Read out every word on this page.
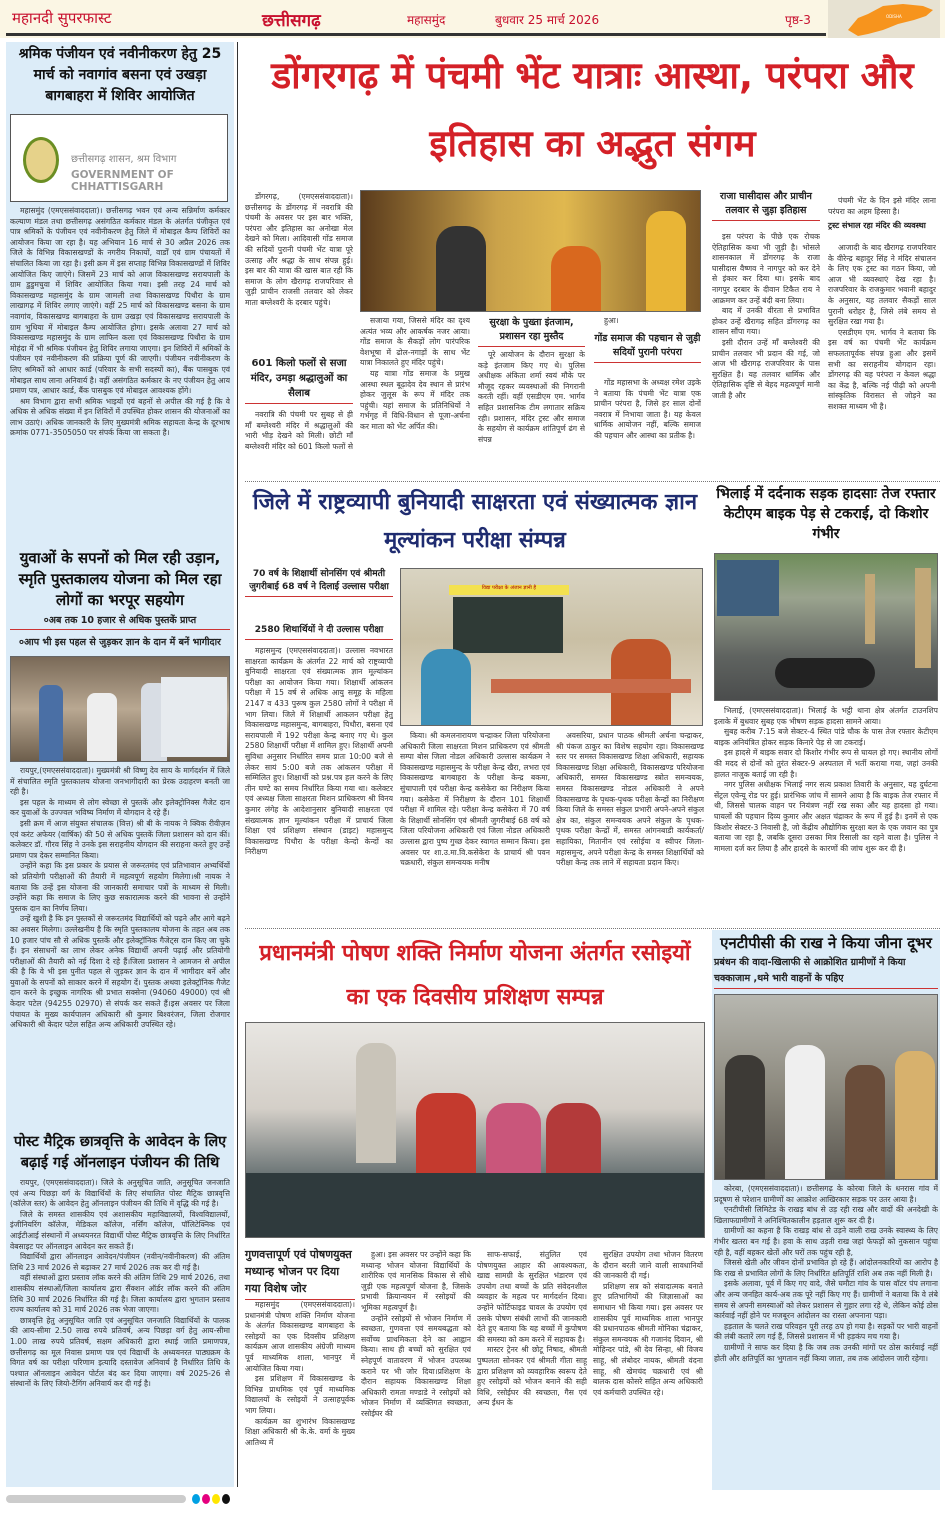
महानदी सुपरफास्ट	छत्तीसगढ़	महासमुंद	बुधवार 25 मार्च 2026	पृष्ठ-3	ODISHA
श्रमिक पंजीयन एवं नवीनीकरण हेतु 25 मार्च को नवागांव बसना एवं उखड़ा बागबाहरा में शिविर आयोजित
छत्तीसगढ़ शासन, श्रम विभाग
GOVERNMENT OF CHHATTISGARH

महासमुंद (एमएससंवाददाता)। छत्तीसगढ़ भवन एवं अन्य सन्निर्माण कर्मकार कल्याण मंडल तथा छत्तीसगढ़ असंगठित कर्मकार मंडल के अंतर्गत पंजीकृत एवं पात्र श्रमिकों के पंजीयन एवं नवीनीकरण हेतु जिले में मोबाइल कैम्प शिविरों का आयोजन किया जा रहा है। यह अभियान 16 मार्च से 30 अप्रैल 2026 तक जिले के विभिन्न विकासखण्डों के नगरीय निकायों, वार्डों एवं ग्राम पंचायतों में संचालित किया जा रहा है। इसी क्रम में इस सप्ताह विभिन्न विकासखण्डों में शिविर आयोजित किए जाएंगे। जिसमें 23 मार्च को आज विकासखण्ड सरायपाली के ग्राम डुडुमचुवा में शिविर आयोजित किया गया। इसी तरह 24 मार्च को विकासखण्ड महासमुंद के ग्राम जामली तथा विकासखण्ड पिथौरा के ग्राम लाखागढ़ में शिविर लगाए जाएंगे। वहीं 25 मार्च को विकासखण्ड बसना के ग्राम नवागांव, विकासखण्ड बागबाहरा के ग्राम उखड़ा एवं विकासखण्ड सरायपाली के ग्राम भुथिया में मोबाइल कैम्प आयोजित होगा। इसके अलावा 27 मार्च को विकासखण्ड महासमुंद के ग्राम लाफिन कला एवं विकासखण्ड पिथौरा के ग्राम मोहंदा में भी श्रमिक पंजीयन हेतु शिविर लगाया जाएगा। इन शिविरों में श्रमिकों के पंजीयन एवं नवीनीकरण की प्रक्रिया पूर्ण की जाएगी। पंजीयन नवीनीकरण के लिए श्रमिकों को आधार कार्ड (परिवार के सभी सदस्यों का), बैंक पासबुक एवं मोबाइल साथ लाना अनिवार्य है। वहीं असंगठित कर्मकार के नए पंजीयन हेतु आय प्रमाण पत्र, आधार कार्ड, बैंक पासबुक एवं मोबाइल आवश्यक होंगे।

श्रम विभाग द्वारा सभी श्रमिक भाइयों एवं बहनों से अपील की गई है कि वे अधिक से अधिक संख्या में इन शिविरों में उपस्थित होकर शासन की योजनाओं का लाभ उठाएं। अधिक जानकारी के लिए मुख्यमंत्री श्रमिक सहायता केन्द्र के दूरभाष क्रमांक 0771-3505050 पर संपर्क किया जा सकता है।

युवाओं के सपनों को मिल रही उड़ान, स्मृति पुस्तकालय योजना को मिल रहा लोगों का भरपूर सहयोग
०अब तक 10 हजार से अधिक पुस्तकें प्राप्त
०आप भी इस पहल से जुड़कर ज्ञान के दान में बनें भागीदार

रायपुर,(एमएससंवाददाता)। मुख्यमंत्री श्री विष्णु देव साय के मार्गदर्शन में जिले में संचालित स्मृति पुस्तकालय योजना जनभागीदारी का प्रेरक उदाहरण बनती जा रही है।

इस पहल के माध्यम से लोग स्वेच्छा से पुस्तकें और इलेक्ट्रोनिक्स गैजेट दान कर युवाओं के उज्ज्वल भविष्य निर्माण में योगदान दे रहे हैं।

इसी क्रम में आज संयुक्त संचालक (वित्त) श्री बी के नायक ने क्विक रीवीज़न एवं करंट अफेयर (वार्षिक) की 50 से अधिक पुस्तकें जिला प्रशासन को दान कीं।कलेक्टर डॉ. गौरव सिंह ने उनके इस सराहनीय योगदान की सराहना करते हुए उन्हें प्रमाण पत्र देकर सम्मानित किया।

उन्होंने कहा कि इस प्रकार के प्रयास से जरूरतमंद एवं प्रतिभावान अभ्यर्थियों को प्रतियोगी परीक्षाओं की तैयारी में महत्वपूर्ण सहयोग मिलेगा।श्री नायक ने बताया कि उन्हें इस योजना की जानकारी समाचार पत्रों के माध्यम से मिली। उन्होंने कहा कि समाज के लिए कुछ सकारात्मक करने की भावना से उन्होंने पुस्तक दान का निर्णय लिया।

उन्हें खुशी है कि इन पुस्तकों से जरूरतमंद विद्यार्थियों को पढ़ने और आगे बढ़ने का अवसर मिलेगा। उल्लेखनीय है कि स्मृति पुस्तकालय योजना के तहत अब तक 10 हजार पांच सौ से अधिक पुस्तकें और इलेक्ट्रॉनिक गैजेट्स दान किए जा चुके हैं। इन संसाधनों का लाभ लेकर अनेक विद्यार्थी अपनी पढ़ाई और प्रतियोगी परीक्षाओं की तैयारी को नई दिशा दे रहे हैं।जिला प्रशासन ने आमजन से अपील की है कि वे भी इस पुनीत पहल से जुड़कर ज्ञान के दान में भागीदार बनें और युवाओं के सपनों को साकार करने में सहयोग दें। पुस्तक अथवा इलेक्ट्रॉनिक गैजेट दान करने के इच्छुक नागरिक श्री प्रभात सक्सेना (94060 49000) एवं श्री केदार पटेल (94255 02970) से संपर्क कर सकते हैं।इस अवसर पर जिला पंचायत के मुख्य कार्यपालन अधिकारी श्री कुमार बिश्वरंजन, जिला रोजगार अधिकारी श्री केदार पटेल सहित अन्य अधिकारी उपस्थित रहे।

पोस्ट मैट्रिक छात्रवृत्ति के आवेदन के लिए बढ़ाई गई ऑनलाइन पंजीयन की तिथि

रायपुर, (एमएससंवाददाता)। जिले के अनुसूचित जाति, अनुसूचित जनजाति एवं अन्य पिछड़ा वर्ग के विद्यार्थियों के लिए संचालित पोस्ट मैट्रिक छात्रवृत्ति (कॉलेज स्तर) के आवेदन हेतु ऑनलाइन पंजीयन की तिथि में वृद्धि की गई है।

जिले के समस्त शासकीय एवं अशासकीय महाविद्यालयों, विश्वविद्यालयों, इंजीनियरिंग कॉलेज, मेडिकल कॉलेज, नर्सिंग कॉलेज, पॉलिटेक्निक एवं आईटीआई संस्थानों में अध्ययनरत विद्यार्थी पोस्ट मैट्रिक छात्रवृत्ति के लिए निर्धारित वेबसाइट पर ऑनलाइन आवेदन कर सकते हैं।

विद्यार्थियों द्वारा ऑनलाइन आवेदन/पंजीयन (नवीन/नवीनीकरण) की अंतिम तिथि 23 मार्च 2026 से बढ़ाकर 27 मार्च 2026 तक कर दी गई है।

वहीं संस्थाओं द्वारा प्रस्ताव लॉक करने की अंतिम तिथि 29 मार्च 2026, तथा शासकीय संस्थाओं/जिला कार्यालय द्वारा सैंक्शन ऑर्डर लॉक करने की अंतिम तिथि 30 मार्च 2026 निर्धारित की गई है। जिला कार्यालय द्वारा भुगतान प्रस्ताव राज्य कार्यालय को 31 मार्च 2026 तक भेजा जाएगा।

छात्रवृत्ति हेतु अनुसूचित जाति एवं अनुसूचित जनजाति विद्यार्थियों के पालक की आय-सीमा 2.50 लाख रुपये प्रतिवर्ष, अन्य पिछड़ा वर्ग हेतु आय-सीमा 1.00 लाख रुपये प्रतिवर्ष, सक्षम अधिकारी द्वारा स्थाई जाति प्रमाणपत्र, छत्तीसगढ़ का मूल निवास प्रमाण पत्र एवं विद्यार्थी के अध्ययनरत पाठ्यक्रम के विगत वर्ष का परीक्षा परिणाम इत्यादि दस्तावेज अनिवार्य है निर्धारित तिथि के पश्चात ऑनलाइन आवेदन पोर्टल बंद कर दिया जाएगा। वर्ष 2025-26 से संस्थानों के लिए जियो-टैगिंग अनिवार्य कर दी गई है।

डोंगरगढ़ में पंचमी भेंट यात्राः आस्था, परंपरा और इतिहास का अद्भुत संगम

डोंगरगढ़, (एमएससंवाददाता)। छत्तीसगढ़ के डोंगरगढ़ में नवरात्रि की पंचमी के अवसर पर इस बार भक्ति, परंपरा और इतिहास का अनोखा मेल देखने को मिला। आदिवासी गोंड समाज की सदियों पुरानी पंचमी भेंट यात्रा पूरे उत्साह और श्रद्धा के साथ संपन्न हुई। इस बार की यात्रा की खास बात रही कि समाज के लोग खैरागढ़ राजपरिवार से जुड़ी प्राचीन राजसी तलवार को लेकर माता बम्लेश्वरी के दरबार पहुंचे।

601 किलो फलों से सजा मंदिर, उमड़ा श्रद्धालुओं का सैलाब

नवरात्रि की पंचमी पर सुबह से ही माँ बम्लेश्वरी मंदिर में श्रद्धालुओं की भारी भीड़ देखने को मिली। छोटी माँ बम्लेश्वरी मंदिर को 601 किलो फलों से

सजाया गया, जिससे मंदिर का दृश्य अत्यंत भव्य और आकर्षक नजर आया। गोंड समाज के सैकड़ों लोग पारंपरिक वेशभूषा में ढोल-नगाड़ों के साथ भेंट यात्रा निकालते हुए मंदिर पहुंचे।

यह यात्रा गोंड समाज के प्रमुख आस्था स्थल बूढ़ादेव देव स्थान से प्रारंभ होकर जुलूस के रूप में मंदिर तक पहुंची। यहां समाज के प्रतिनिधियों ने गर्भगृह में विधि-विधान से पूजा-अर्चना कर माता को भेंट अर्पित की।

सुरक्षा के पुख्ता इंतजाम, प्रशासन रहा मुस्तैद

पूरे आयोजन के दौरान सुरक्षा के कड़े इंतजाम किए गए थे। पुलिस अधीक्षक अंकिता शर्मा स्वयं मौके पर मौजूद रहकर व्यवस्थाओं की निगरानी करती रहीं। वहीं एसडीएम एम. भार्गव सहित प्रशासनिक टीम लगातार सक्रिय रही। प्रशासन, मंदिर ट्रस्ट और समाज के सहयोग से कार्यक्रम शांतिपूर्ण ढंग से संपन्न

हुआ।

गोंड समाज की पहचान से जुड़ी सदियों पुरानी परंपरा

गोंड महासभा के अध्यक्ष रमेश उइके ने बताया कि पंचमी भेंट यात्रा एक प्राचीन परंपरा है, जिसे हर साल दोनों नवरात्र में निभाया जाता है। यह केवल धार्मिक आयोजन नहीं, बल्कि समाज की पहचान और आस्था का प्रतीक है।

राजा घासीदास और प्राचीन तलवार से जुड़ा इतिहास

इस परंपरा के पीछे एक रोचक ऐतिहासिक कथा भी जुड़ी है। भोसले शासनकाल में डोंगरगढ़ के राजा घासीदास वैष्णव ने नागपुर को कर देने से इंकार कर दिया था। इसके बाद नागपुर दरबार के दीवान टिकैत राय ने आक्रमण कर उन्हें बंदी बना लिया।

बाद में उनकी वीरता से प्रभावित होकर उन्हें खैरागढ़ सहित डोंगरगढ़ का शासन सौंपा गया।

इसी दौरान उन्हें माँ बम्लेश्वरी की प्राचीन तलवार भी प्रदान की गई, जो आज भी खैरागढ़ राजपरिवार के पास सुरक्षित है। यह तलवार धार्मिक और ऐतिहासिक दृष्टि से बेहद महत्वपूर्ण मानी जाती है और

पंचमी भेंट के दिन इसे मंदिर लाना परंपरा का अहम हिस्सा है।

ट्रस्ट संभाल रहा मंदिर की व्यवस्था

आजादी के बाद खैरागढ़ राजपरिवार के वीरेन्द्र बहादुर सिंह ने मंदिर संचालन के लिए एक ट्रस्ट का गठन किया, जो आज भी व्यवस्थाएं देख रहा है। राजपरिवार के राजकुमार भवानी बहादुर के अनुसार, यह तलवार सैकड़ों साल पुरानी धरोहर है, जिसे लंबे समय से सुरक्षित रखा गया है।

एसडीएम एम. भार्गव ने बताया कि इस वर्ष का पंचमी भेंट कार्यक्रम सफलतापूर्वक संपन्न हुआ और इसमें सभी का सराहनीय योगदान रहा। डोंगरगढ़ की यह परंपरा न केवल श्रद्धा का केंद्र है, बल्कि नई पीढ़ी को अपनी सांस्कृतिक विरासत से जोड़ने का सशक्त माध्यम भी है।

जिले में राष्ट्रव्यापी बुनियादी साक्षरता एवं संख्यात्मक ज्ञान मूल्यांकन परीक्षा संम्पन्न
70 वर्ष के शिक्षार्थी सोनसिंग एवं श्रीमती जुगरीबाई 68 वर्ष ने दिलाई उल्लास परीक्षा
2580 शिथार्थियों ने दी उल्लास परीक्षा
विद्या परीक्षा के अंजान ज्ञानी है

महासमुन्द (एमएससंवाददाता)। उल्लास नवभारत साक्षरता कार्यक्रम के अंतर्गत 22 मार्च को राष्ट्रव्यापी बुनियादी साक्षरता एवं संख्यात्मक ज्ञान मूल्यांकन परीक्षा का आयोजन किया गया। शिक्षार्थी आंकलन परीक्षा में 15 वर्ष से अधिक आयु समूह के महिला 2147 व 433 पुरूष कुल 2580 लोगों ने परीक्षा में भाग लिया। जिले में शिक्षार्थी आकलन परीक्षा हेतु विकासखण्ड महासमुन्द, बागबाहरा, पिथौरा, बसना एवं सरायपाली में 192 परीक्षा केन्द्र बनाए गए थे। कुल 2580 शिक्षार्थी परीक्षा में शामिल हुए। शिक्षार्थी अपनी सुविधा अनुसार निर्धारित समय प्रातः 10:00 बजे से लेकर सायं 5:00 बजे तक आंकलन परीक्षा में सम्मिलित हुए। शिक्षार्थी को प्रश्न.पत्र हल करने के लिए तीन घण्टे का समय निर्धारित किया गया था। कलेक्टर एवं अध्यक्ष जिला साक्षरता मिशन प्राधिकरण श्री विनय कुमार लंगेह के आदेशानुसार बुनियादी साक्षरता एवं संख्यात्मक ज्ञान मूल्यांकन परीक्षा में प्राचार्य जिला शिक्षा एवं प्रशिक्षण संस्थान (डाइट) महासमुन्द विकासखण्ड पिथौरा के परीक्षा केन्दो केन्दों का निरीक्षण

किया। श्री कमलनारायण चन्द्राकर जिला परियोजना अधिकारी जिला साक्षरता मिशन प्राधिकरण एवं श्रीमती सम्पा बोस जिला नोडल अधिकारी उल्लास कार्यक्रम ने विकासखण्ड महासमुन्द के परीक्षा केन्द्र खैरा, लभरा एवं विकासखण्ड बागबाहरा के परीक्षा केन्द्र बकमा, सुंचापाली एवं परीक्षा केन्द्र कसेकेरा का निरीक्षण किया गया। कसेकेरा में निरीक्षण के दौरान 101 शिक्षार्थी परीक्षा में शामिल रहे। परीक्षा केन्द्र कसेकेरा में 70 वर्ष के शिक्षार्थी सोनसिंग एवं श्रीमती जुगरीबाई 68 वर्ष को जिला परियोजना अधिकारी एवं जिला नोडल अधिकारी उल्लास द्वारा पुष्प गुच्छ देकर स्वागत सम्मान किया। इस अवसर पर शा.उ.मा.वि.कसेकेरा के प्राचार्य श्री पवन चक्रधारी, संकुल समन्वयक मनीष

अवसरिया, प्रधान पाठक श्रीमती अर्चना चन्द्राकर, श्री पंकज ठाकुर का विशेष सहयोग रहा। विकासखण्ड स्तर पर समस्त विकासखण्ड शिक्षा अधिकारी, सहायक विकासखण्ड शिक्षा अधिकारी, विकासखण्ड परियोजना अधिकारी, समस्त विकासखण्ड स्त्रोत समन्वयक, समस्त विकासखण्ड नोडल अधिकारी ने अपने विकासखण्ड के पृथक-पृथक परीक्षा केन्द्रों का निरीक्षण किया जिले के समस्त संकुल प्रभारी अपने-अपने संकुल क्षेत्र का, संकुल समन्वयक अपने संकुल के पृथक-पृथक परीक्षा केन्द्रों में, समस्त आंगनबाडी कार्यकर्ता/सहायिका, मितानीन एवं रसोईया व स्वीपर जिला-महासमुन्द, अपने परीक्षा केन्द्र के समस्त शिक्षार्थियों को परीक्षा केन्द्र तक लाने में सहायता प्रदान किए।

भिलाई में दर्दनाक सड़क हादसाः तेज रफ्तार केटीएम बाइक पेड़ से टकराई, दो किशोर गंभीर

भिलाई, (एमएससंवाददाता)। भिलाई के भट्ठी थाना क्षेत्र अंतर्गत टाउनशिप इलाके में बुधवार सुबह एक भीषण सड़क हादसा सामने आया।

सुबह करीब 7:15 बजे सेक्टर-4 स्थित पांडे चौक के पास तेज रफ्तार केटीएम बाइक अनियंत्रित होकर सड़क किनारे पेड़ से जा टकराई।

इस हादसे में बाइक सवार दो किशोर गंभीर रूप से घायल हो गए। स्थानीय लोगों की मदद से दोनों को तुरंत सेक्टर-9 अस्पताल में भर्ती कराया गया, जहां उनकी हालत नाजुक बताई जा रही है।

नगर पुलिस अधीक्षक भिलाई नगर सत्य प्रकाश तिवारी के अनुसार, यह दुर्घटना सेंट्रल एवेन्यू रोड पर हुई। प्रारंभिक जांच में सामने आया है कि बाइक तेज रफ्तार में थी, जिससे चालक वाहन पर नियंत्रण नहीं रख सका और यह हादसा हो गया। घायलों की पहचान दिव्य कुमार और अक्षत चंद्राकर के रूप में हुई है। इनमें से एक किशोर सेक्टर-3 निवासी है, जो केंद्रीय औद्योगिक सुरक्षा बल के एक जवान का पुत्र बताया जा रहा है, जबकि दूसरा उसका मित्र रिसाली का रहने वाला है। पुलिस ने मामला दर्ज कर लिया है और हादसे के कारणों की जांच शुरू कर दी है।

प्रधानमंत्री पोषण शक्ति निर्माण योजना अंतर्गत रसोइयों का एक दिवसीय प्रशिक्षण सम्पन्न
गुणवत्तापूर्ण एवं पोषणयुक्त मध्यान्ह भोजन पर दिया गया विशेष जोर

महासमुंद (एमएससंवाददाता)। प्रधानमंत्री पोषण शक्ति निर्माण योजना के अंतर्गत विकासखण्ड बागबाहरा के रसोइयों का एक दिवसीय प्रशिक्षण कार्यक्रम आज शासकीय अंग्रेजी माध्यम पूर्व माध्यमिक शाला, भानपुर में आयोजित किया गया।

इस प्रशिक्षण में विकासखण्ड के विभिन्न प्राथमिक एवं पूर्व माध्यमिक विद्यालयों के रसोइयों ने उत्साहपूर्वक भाग लिया।

कार्यक्रम का शुभारंभ विकासखण्ड शिक्षा अधिकारी श्री के.के. वर्मा के मुख्य आतिथ्य में

हुआ। इस अवसर पर उन्होंने कहा कि मध्यान्ह भोजन योजना विद्यार्थियों के शारीरिक एवं मानसिक विकास से सीधे जुड़ी एक महत्वपूर्ण योजना है, जिसके प्रभावी क्रियान्वयन में रसोइयों की भूमिका महत्वपूर्ण है।

उन्होंने रसोइयों से भोजन निर्माण में स्वच्छता, गुणवत्ता एवं समयबद्धता को सर्वोच्च प्राथमिकता देने का आह्वान किया। साथ ही बच्चों को सुरक्षित एवं स्नेहपूर्ण वातावरण में भोजन उपलब्ध कराने पर भी जोर दिया।प्रशिक्षण के दौरान सहायक विकासखण्ड शिक्षा अधिकारी रामता मण्डाडे ने रसोइयों को भोजन निर्माण में व्यक्तिगत स्वच्छता, रसोईघर की

साफ-सफाई, संतुलित एवं पोषणयुक्त आहार की आवश्यकता, खाद्य सामग्री के सुरक्षित भंडारण एवं उपयोग तथा बच्चों के प्रति संवेदनशील व्यवहार के महत्व पर मार्गदर्शन दिया। उन्होंने फोर्टिफाइड चावल के उपयोग एवं उसके पोषण संबंधी लाभों की जानकारी देते हुए बताया कि यह बच्चों में कुपोषण की समस्या को कम करने में सहायक है।

मास्टर ट्रेनर श्री छोटू निषाद, श्रीमती पुष्पलता सोनकर एवं श्रीमती गीता साहू द्वारा प्रशिक्षण को व्यवहारिक स्वरूप देते हुए रसोइयों को भोजन बनाने की सही विधि, रसोईघर की स्वच्छता, गैस एवं अन्य ईंधन के

सुरक्षित उपयोग तथा भोजन वितरण के दौरान बरती जाने वाली सावधानियों की जानकारी दी गई।

प्रशिक्षण सत्र को संवादात्मक बनाते हुए प्रतिभागियों की जिज्ञासाओं का समाधान भी किया गया। इस अवसर पर शासकीय पूर्व माध्यमिक शाला भानपुर की प्रधानपाठक श्रीमती मोनिका चंद्राकर, संकुल समन्वयक श्री गजानंद दिवान, श्री मोहिन्दर पांडे, श्री देव सिन्हा, श्री विजय साहू, श्री लंबोदर नायक, श्रीमती वंदना साहू, श्री खेमचंद चक्रधारी एवं श्री बालक दास कोसरे सहित अन्य अधिकारी एवं कर्मचारी उपस्थित रहे।

एनटीपीसी की राख ने किया जीना दूभर
प्रबंधन की वादा-खिलाफी से आक्रोशित ग्रामीणों ने किया चक्काजाम ,थमे भारी वाहनों के पहिए

कोरबा, (एमएससंवाददाता)। छत्तीसगढ़ के कोरबा जिले के धनरास गांव में प्रदूषण से परेशान ग्रामीणों का आक्रोश आखिरकार सड़क पर उतर आया है।

एनटीपीसी लिमिटेड के राखड़ बांध से उड़ रही राख और वादों की अनदेखी के खिलाफग्रामीणों ने अनिश्चितकालीन हड़ताल शुरू कर दी है।

ग्रामीणों का कहना है कि राखड़ बांध से उड़ने वाली राख उनके स्वास्थ्य के लिए गंभीर खतरा बन गई है। हवा के साथ उड़ती राख जहां फेफड़ों को नुकसान पहुंचा रही है, वहीं बहकर खेतों और घरों तक पहुंच रही है,

जिससे खेती और जीवन दोनों प्रभावित हो रहे हैं। आंदोलनकारियों का आरोप है कि राख से प्रभावित लोगों के लिए निर्धारित क्षतिपूर्ति राशि अब तक नहीं मिली है।

इसके अलावा, पूर्व में किए गए वादे, जैसे घमौटा गांव के पास वॉटर पंप लगाना और अन्य जनहित कार्य-अब तक पूरे नहीं किए गए हैं। ग्रामीणों ने बताया कि वे लंबे समय से अपनी समस्याओं को लेकर प्रशासन से गुहार लगा रहे थे, लेकिन कोई ठोस कार्रवाई नहीं होने पर मजबूरन आंदोलन का रास्ता अपनाना पड़ा।

हड़ताल के चलते राख परिवहन पूरी तरह ठप हो गया है। सड़कों पर भारी वाहनों की लंबी कतारें लग गई हैं, जिससे प्रशासन में भी हड़कंप मच गया है।

ग्रामीणों ने साफ कर दिया है कि जब तक उनकी मांगों पर ठोस कार्रवाई नहीं होती और क्षतिपूर्ति का भुगतान नहीं किया जाता, तब तक आंदोलन जारी रहेगा।
